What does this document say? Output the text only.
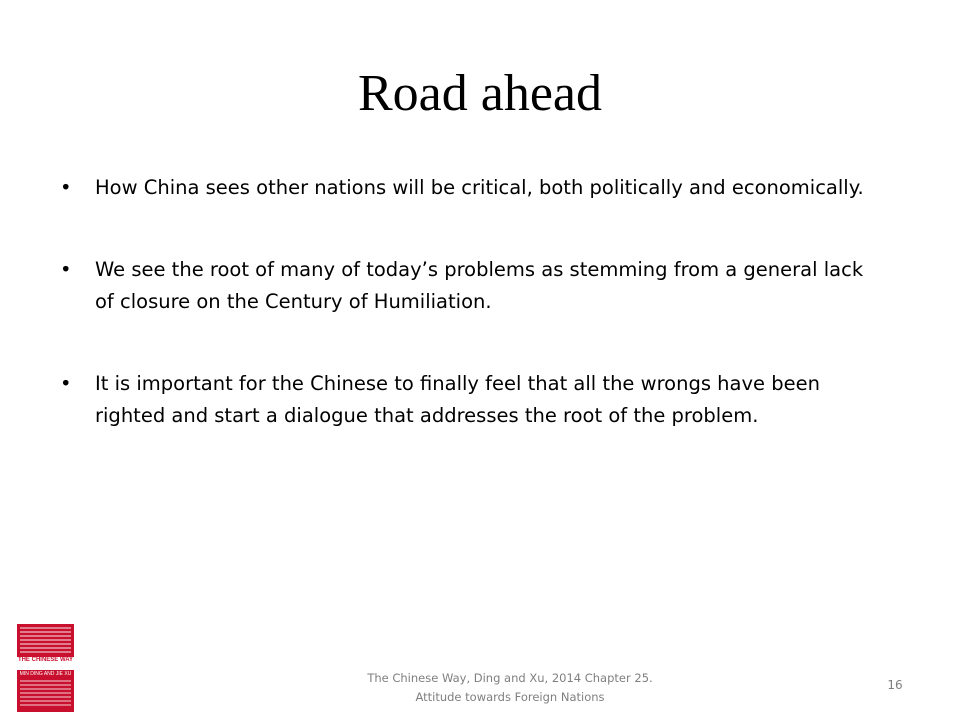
Road ahead
•	How China sees other nations will be critical, both politically and economically.
•	We see the root of many of today’s problems as stemming from a general lack of closure on the Century of Humiliation.
•	It is important for the Chinese to finally feel that all the wrongs have been righted and start a dialogue that addresses the root of the problem.
THE CHINESE WAY
MIN DING AND JIE XU	The Chinese Way, Ding and Xu, 2014 Chapter 25.
Attitude towards Foreign Nations
16
